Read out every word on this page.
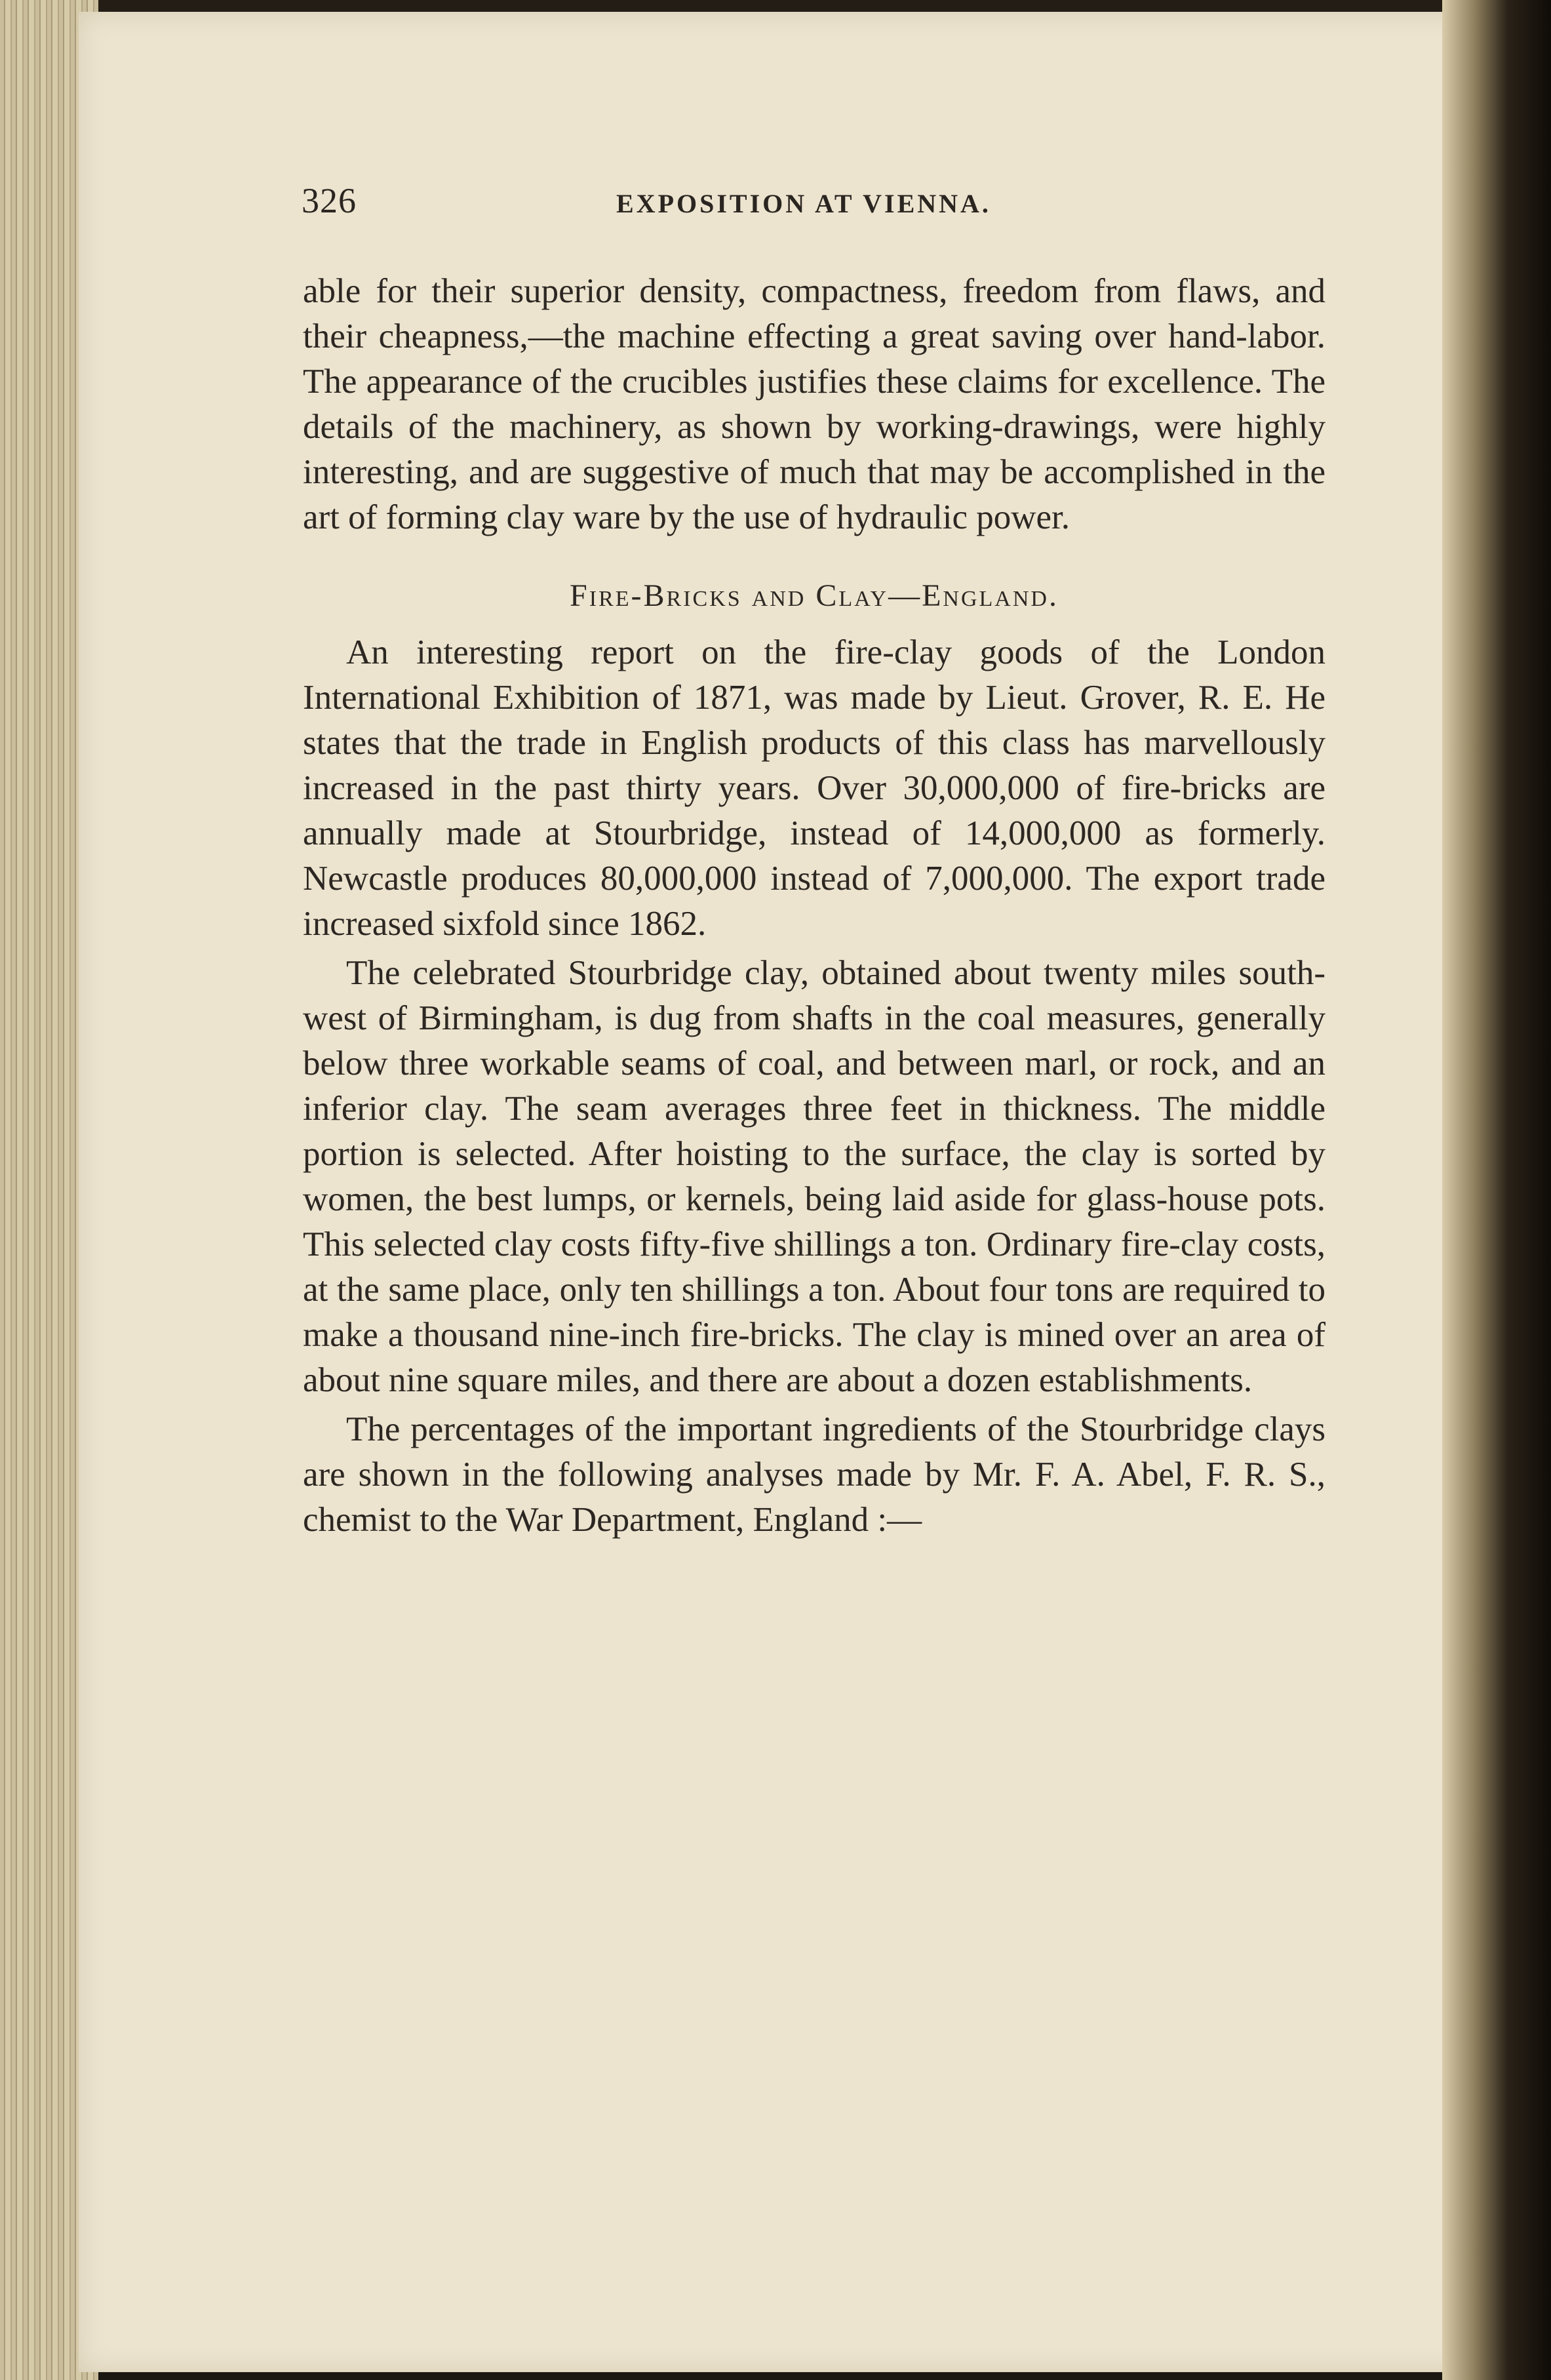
326	EXPOSITION AT VIENNA.

able for their superior density, compactness, freedom from flaws, and their cheapness,—the machine effecting a great saving over hand-labor. The appearance of the crucibles justifies these claims for excellence. The details of the machinery, as shown by working-drawings, were highly interesting, and are suggestive of much that may be accomplished in the art of forming clay ware by the use of hydraulic power.

Fire-Bricks and Clay—England.

An interesting report on the fire-clay goods of the London International Exhibition of 1871, was made by Lieut. Grover, R. E. He states that the trade in English products of this class has marvellously increased in the past thirty years. Over 30,000,000 of fire-bricks are annually made at Stourbridge, instead of 14,000,000 as formerly. Newcastle produces 80,000,000 instead of 7,000,000. The export trade increased sixfold since 1862.

The celebrated Stourbridge clay, obtained about twenty miles south-west of Birmingham, is dug from shafts in the coal measures, generally below three workable seams of coal, and between marl, or rock, and an inferior clay. The seam averages three feet in thickness. The middle portion is selected. After hoisting to the surface, the clay is sorted by women, the best lumps, or kernels, being laid aside for glass-house pots. This selected clay costs fifty-five shillings a ton. Ordinary fire-clay costs, at the same place, only ten shillings a ton. About four tons are required to make a thousand nine-inch fire-bricks. The clay is mined over an area of about nine square miles, and there are about a dozen establishments.

The percentages of the important ingredients of the Stourbridge clays are shown in the following analyses made by Mr. F. A. Abel, F. R. S., chemist to the War Department, England :—
